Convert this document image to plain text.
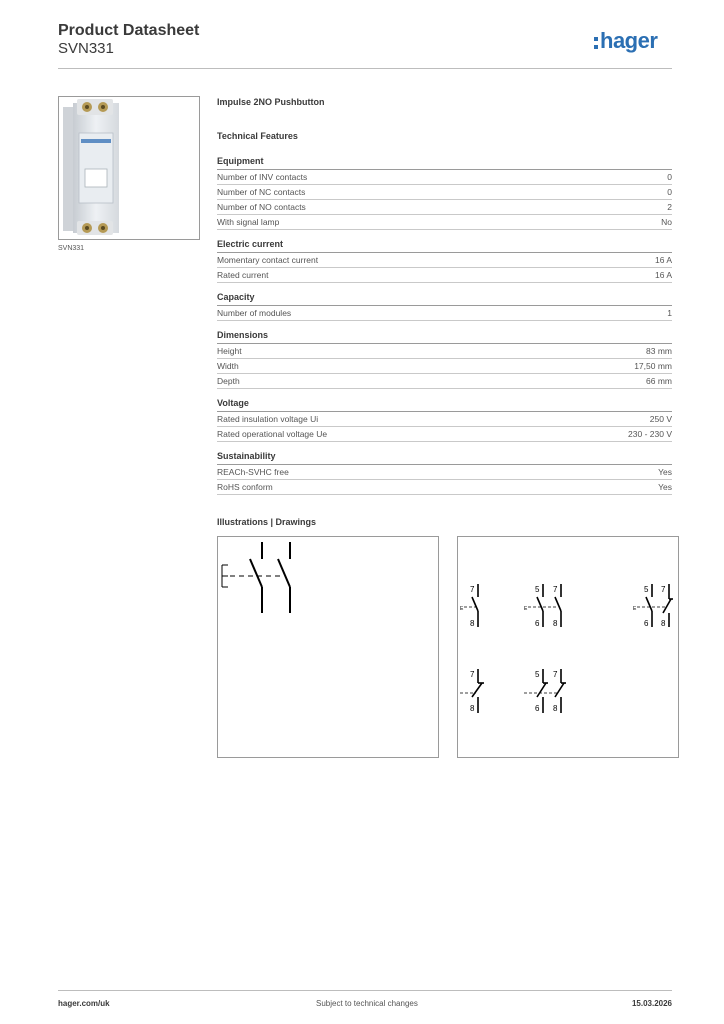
Product Datasheet
SVN331	hager
SVN331
Impulse 2NO Pushbutton
Technical Features
Equipment
Number of INV contacts	0
Number of NC contacts	0
Number of NO contacts	2
With signal lamp	No
Electric current
Momentary contact current	16 A
Rated current	16 A
Capacity
Number of modules	1
Dimensions
Height	83 mm
Width	17,50 mm
Depth	66 mm
Voltage
Rated insulation voltage Ui	250 V
Rated operational voltage Ue	230 - 230 V
Sustainability
REACh-SVHC free	Yes
RoHS conform	Yes
Illustrations | Drawings
7
8
5 7
6 8
5 7
6 8
7
8
5 7
6 8
E	E	E
hager.com/uk	Subject to technical changes	15.03.2026
